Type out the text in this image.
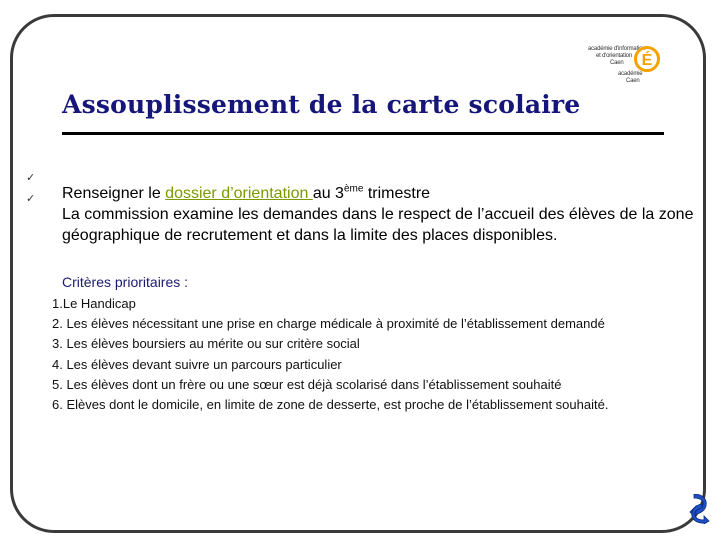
académie d'information
et d'orientation
Caen
académie
Caen
É
Assouplissement de la carte scolaire
✓
✓ Renseigner le dossier d’orientation au 3ème trimestre

La commission examine les demandes dans le respect de l’accueil des élèves de la zone géographique de recrutement et dans la limite des places disponibles.

Critères prioritaires :

1.Le Handicap
2. Les élèves nécessitant une prise en charge médicale à proximité de l’établissement demandé
3. Les élèves boursiers au mérite ou sur critère social
4. Les élèves devant suivre un parcours particulier
5. Les élèves dont un frère ou une sœur est déjà scolarisé dans l’établissement souhaité
6. Elèves dont le domicile, en limite de zone de desserte, est proche de l’établissement souhaité.
